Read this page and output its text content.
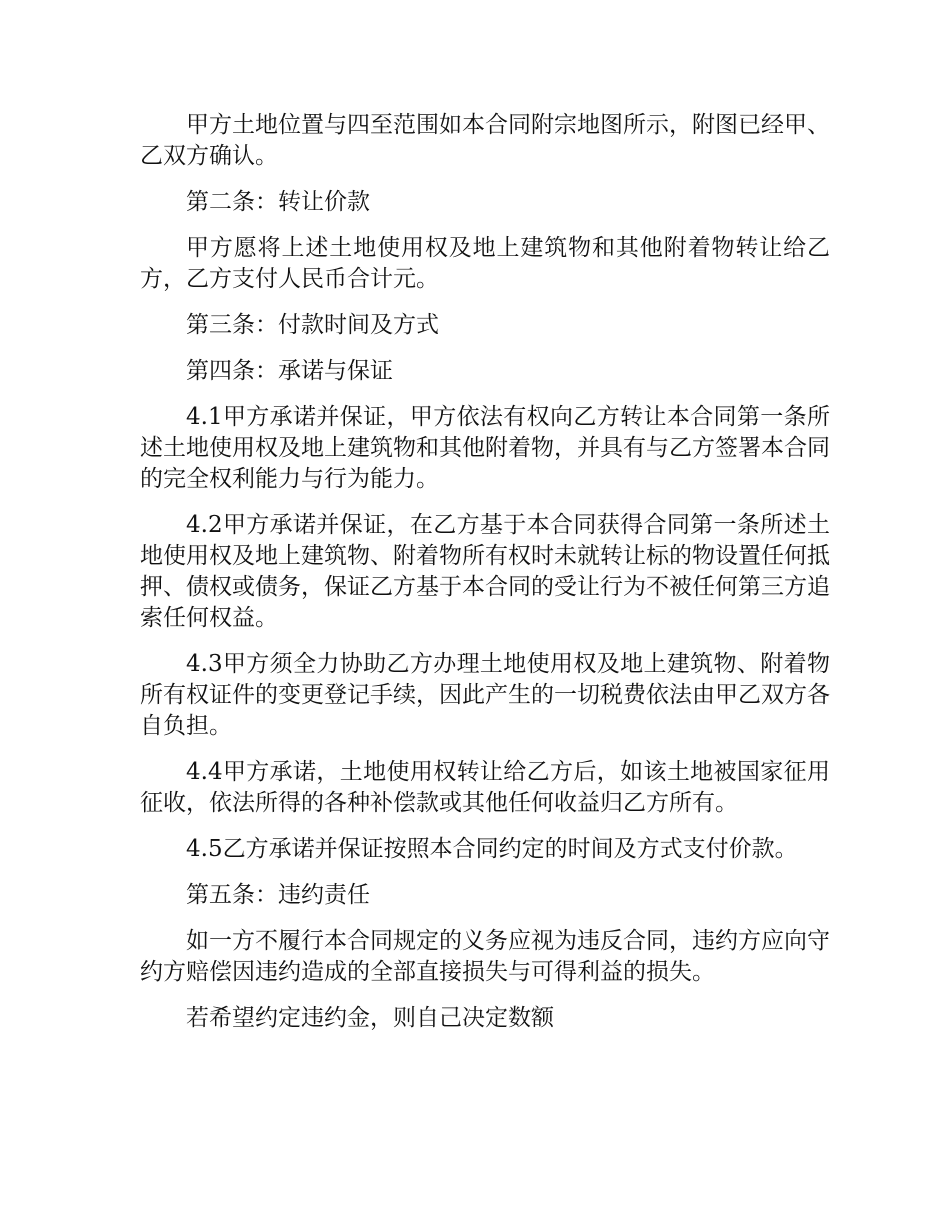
甲方土地位置与四至范围如本合同附宗地图所示，附图已经甲、乙双方确认。

第二条：转让价款

甲方愿将上述土地使用权及地上建筑物和其他附着物转让给乙方，乙方支付人民币合计元。

第三条：付款时间及方式

第四条：承诺与保证

4.1甲方承诺并保证，甲方依法有权向乙方转让本合同第一条所述土地使用权及地上建筑物和其他附着物，并具有与乙方签署本合同的完全权利能力与行为能力。

4.2甲方承诺并保证，在乙方基于本合同获得合同第一条所述土地使用权及地上建筑物、附着物所有权时未就转让标的物设置任何抵押、债权或债务，保证乙方基于本合同的受让行为不被任何第三方追索任何权益。

4.3甲方须全力协助乙方办理土地使用权及地上建筑物、附着物所有权证件的变更登记手续，因此产生的一切税费依法由甲乙双方各自负担。

4.4甲方承诺，土地使用权转让给乙方后，如该土地被国家征用征收，依法所得的各种补偿款或其他任何收益归乙方所有。

4.5乙方承诺并保证按照本合同约定的时间及方式支付价款。

第五条：违约责任

如一方不履行本合同规定的义务应视为违反合同，违约方应向守约方赔偿因违约造成的全部直接损失与可得利益的损失。

若希望约定违约金，则自己决定数额
